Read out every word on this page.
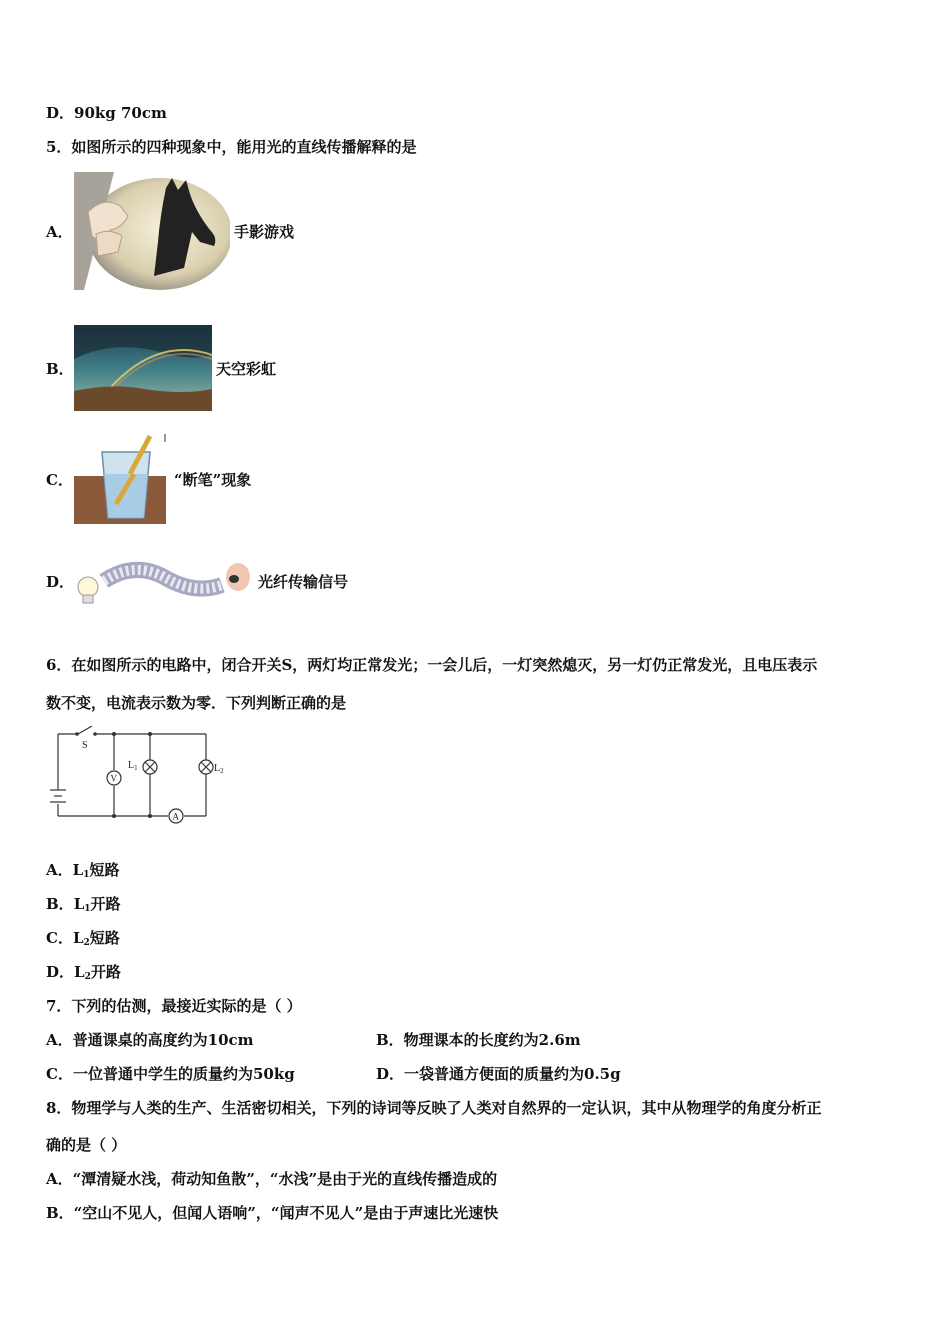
D．90kg 70cm
5．如图所示的四种现象中，能用光的直线传播解释的是
A．	手影游戏
B．	天空彩虹
C．	“断笔”现象
D．	光纤传输信号
6．在如图所示的电路中，闭合开关S，两灯均正常发光；一会儿后，一灯突然熄灭，另一灯仍正常发光，且电压表示
数不变，电流表示数为零．下列判断正确的是
S
V
A
$L_1$	$L_2$
A．$L_1$短路
B．$L_1$开路
C．$L_2$短路
D．$L_2$开路
7．下列的估测，最接近实际的是（ ）
A．普通课桌的高度约为10cm	B．物理课本的长度约为2.6m
C．一位普通中学生的质量约为50kg	D．一袋普通方便面的质量约为0.5g
8．物理学与人类的生产、生活密切相关，下列的诗词等反映了人类对自然界的一定认识，其中从物理学的角度分析正
确的是（ ）
A．“潭清疑水浅，荷动知鱼散”，“水浅”是由于光的直线传播造成的
B．“空山不见人，但闻人语响”，“闻声不见人”是由于声速比光速快
